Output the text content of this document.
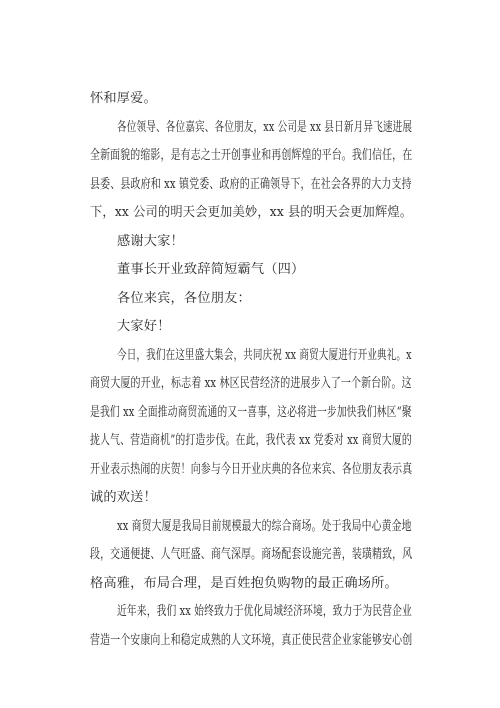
怀和厚爱。
各位领导、各位嘉宾、各位朋友，xx 公司是 xx 县日新月异飞速进展
全新面貌的缩影，是有志之士开创事业和再创辉煌的平台。我们信任，在
县委、县政府和 xx 镇党委、政府的正确领导下，在社会各界的大力支持
下，xx 公司的明天会更加美妙，xx 县的明天会更加辉煌。
感谢大家！
董事长开业致辞简短霸气（四）
各位来宾，各位朋友：
大家好！
今日，我们在这里盛大集会，共同庆祝 xx 商贸大厦进行开业典礼。x
商贸大厦的开业，标志着 xx 林区民营经济的进展步入了一个新台阶。这
是我们 xx 全面推动商贸流通的又一喜事，这必将进一步加快我们林区“聚
拢人气、营造商机”的打造步伐。在此，我代表 xx 党委对 xx 商贸大厦的
开业表示热闹的庆贺！向参与今日开业庆典的各位来宾、各位朋友表示真
诚的欢送！
xx 商贸大厦是我局目前规模最大的综合商场。处于我局中心黄金地
段，交通便捷、人气旺盛、商气深厚。商场配套设施完善，装璜精致，风
格高雅，布局合理，是百姓抱负购物的最正确场所。
近年来，我们 xx 始终致力于优化局域经济环境，致力于为民营企业
营造一个安康向上和稳定成熟的人文环境，真正使民营企业家能够安心创
